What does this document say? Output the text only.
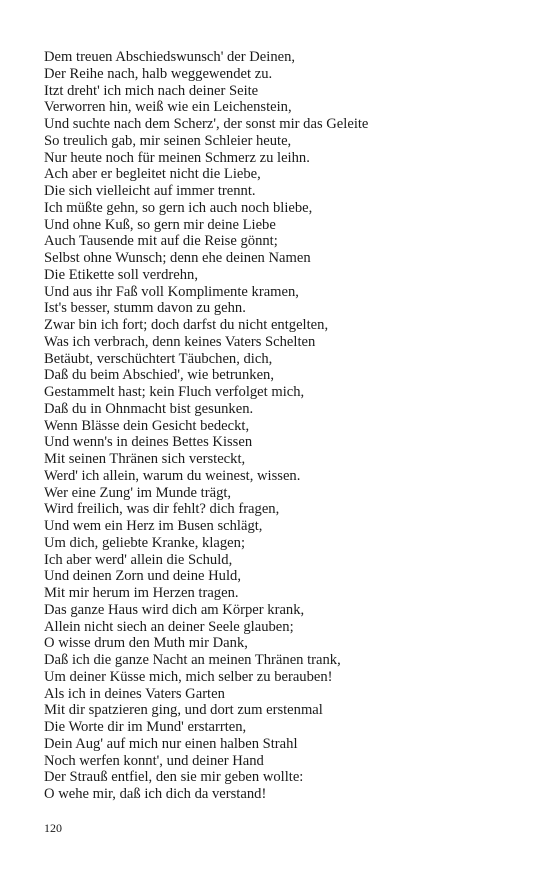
Dem treuen Abschiedswunsch' der Deinen,
Der Reihe nach, halb weggewendet zu.
Itzt dreht' ich mich nach deiner Seite
Verworren hin, weiß wie ein Leichenstein,
Und suchte nach dem Scherz', der sonst mir das Geleite
So treulich gab, mir seinen Schleier heute,
Nur heute noch für meinen Schmerz zu leihn.
Ach aber er begleitet nicht die Liebe,
Die sich vielleicht auf immer trennt.
Ich müßte gehn, so gern ich auch noch bliebe,
Und ohne Kuß, so gern mir deine Liebe
Auch Tausende mit auf die Reise gönnt;
Selbst ohne Wunsch; denn ehe deinen Namen
Die Etikette soll verdrehn,
Und aus ihr Faß voll Komplimente kramen,
Ist's besser, stumm davon zu gehn.
Zwar bin ich fort; doch darfst du nicht entgelten,
Was ich verbrach, denn keines Vaters Schelten
Betäubt, verschüchtert Täubchen, dich,
Daß du beim Abschied', wie betrunken,
Gestammelt hast; kein Fluch verfolget mich,
Daß du in Ohnmacht bist gesunken.
Wenn Blässe dein Gesicht bedeckt,
Und wenn's in deines Bettes Kissen
Mit seinen Thränen sich versteckt,
Werd' ich allein, warum du weinest, wissen.
Wer eine Zung' im Munde trägt,
Wird freilich, was dir fehlt? dich fragen,
Und wem ein Herz im Busen schlägt,
Um dich, geliebte Kranke, klagen;
Ich aber werd' allein die Schuld,
Und deinen Zorn und deine Huld,
Mit mir herum im Herzen tragen.
Das ganze Haus wird dich am Körper krank,
Allein nicht siech an deiner Seele glauben;
O wisse drum den Muth mir Dank,
Daß ich die ganze Nacht an meinen Thränen trank,
Um deiner Küsse mich, mich selber zu berauben!
Als ich in deines Vaters Garten
Mit dir spatzieren ging, und dort zum erstenmal
Die Worte dir im Mund' erstarrten,
Dein Aug' auf mich nur einen halben Strahl
Noch werfen konnt', und deiner Hand
Der Strauß entfiel, den sie mir geben wollte:
O wehe mir, daß ich dich da verstand!
120
